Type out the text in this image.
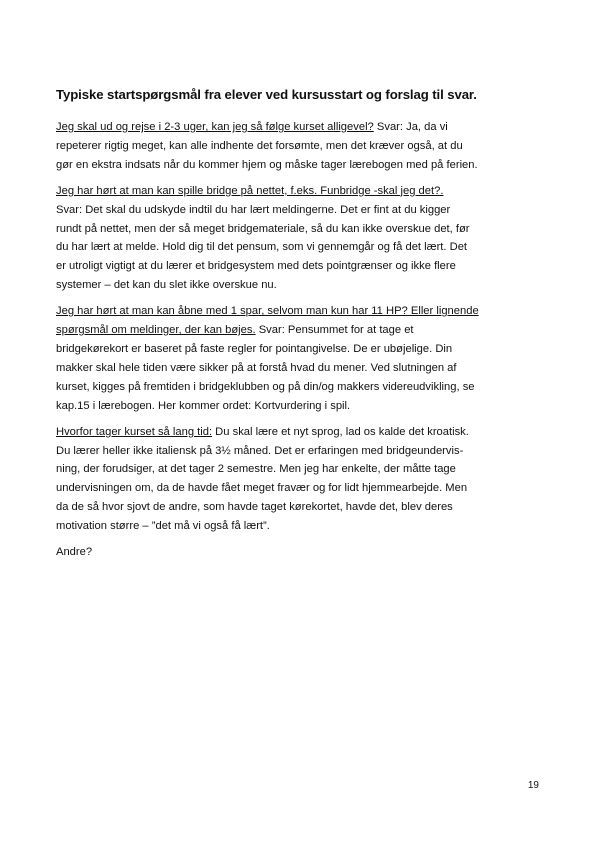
Typiske startspørgsmål fra elever ved kursusstart og forslag til svar.

Jeg skal ud og rejse i 2-3 uger, kan jeg så følge kurset alligevel? Svar: Ja, da vi
repeterer rigtig meget, kan alle indhente det forsømte, men det kræver også, at du
gør en ekstra indsats når du kommer hjem og måske tager lærebogen med på ferien.

Jeg har hørt at man kan spille bridge på nettet, f.eks. Funbridge -skal jeg det?.
Svar: Det skal du udskyde indtil du har lært meldingerne. Det er fint at du kigger
rundt på nettet, men der så meget bridgemateriale, så du kan ikke overskue det, før
du har lært at melde. Hold dig til det pensum, som vi gennemgår og få det lært. Det
er utroligt vigtigt at du lærer et bridgesystem med dets pointgrænser og ikke flere
systemer – det kan du slet ikke overskue nu.

Jeg har hørt at man kan åbne med 1 spar, selvom man kun har 11 HP? Eller lignende
spørgsmål om meldinger, der kan bøjes. Svar: Pensummet for at tage et
bridgekørekort er baseret på faste regler for pointangivelse. De er ubøjelige. Din
makker skal hele tiden være sikker på at forstå hvad du mener. Ved slutningen af
kurset, kigges på fremtiden i bridgeklubben og på din/og makkers videreudvikling, se
kap.15 i lærebogen. Her kommer ordet: Kortvurdering i spil.

Hvorfor tager kurset så lang tid: Du skal lære et nyt sprog, lad os kalde det kroatisk.
Du lærer heller ikke italiensk på 3½ måned. Det er erfaringen med bridgeundervis-
ning, der forudsiger, at det tager 2 semestre. Men jeg har enkelte, der måtte tage
undervisningen om, da de havde fået meget fravær og for lidt hjemmearbejde. Men
da de så hvor sjovt de andre, som havde taget kørekortet, havde det, blev deres
motivation større – ”det må vi også få lært”.

Andre?

19
